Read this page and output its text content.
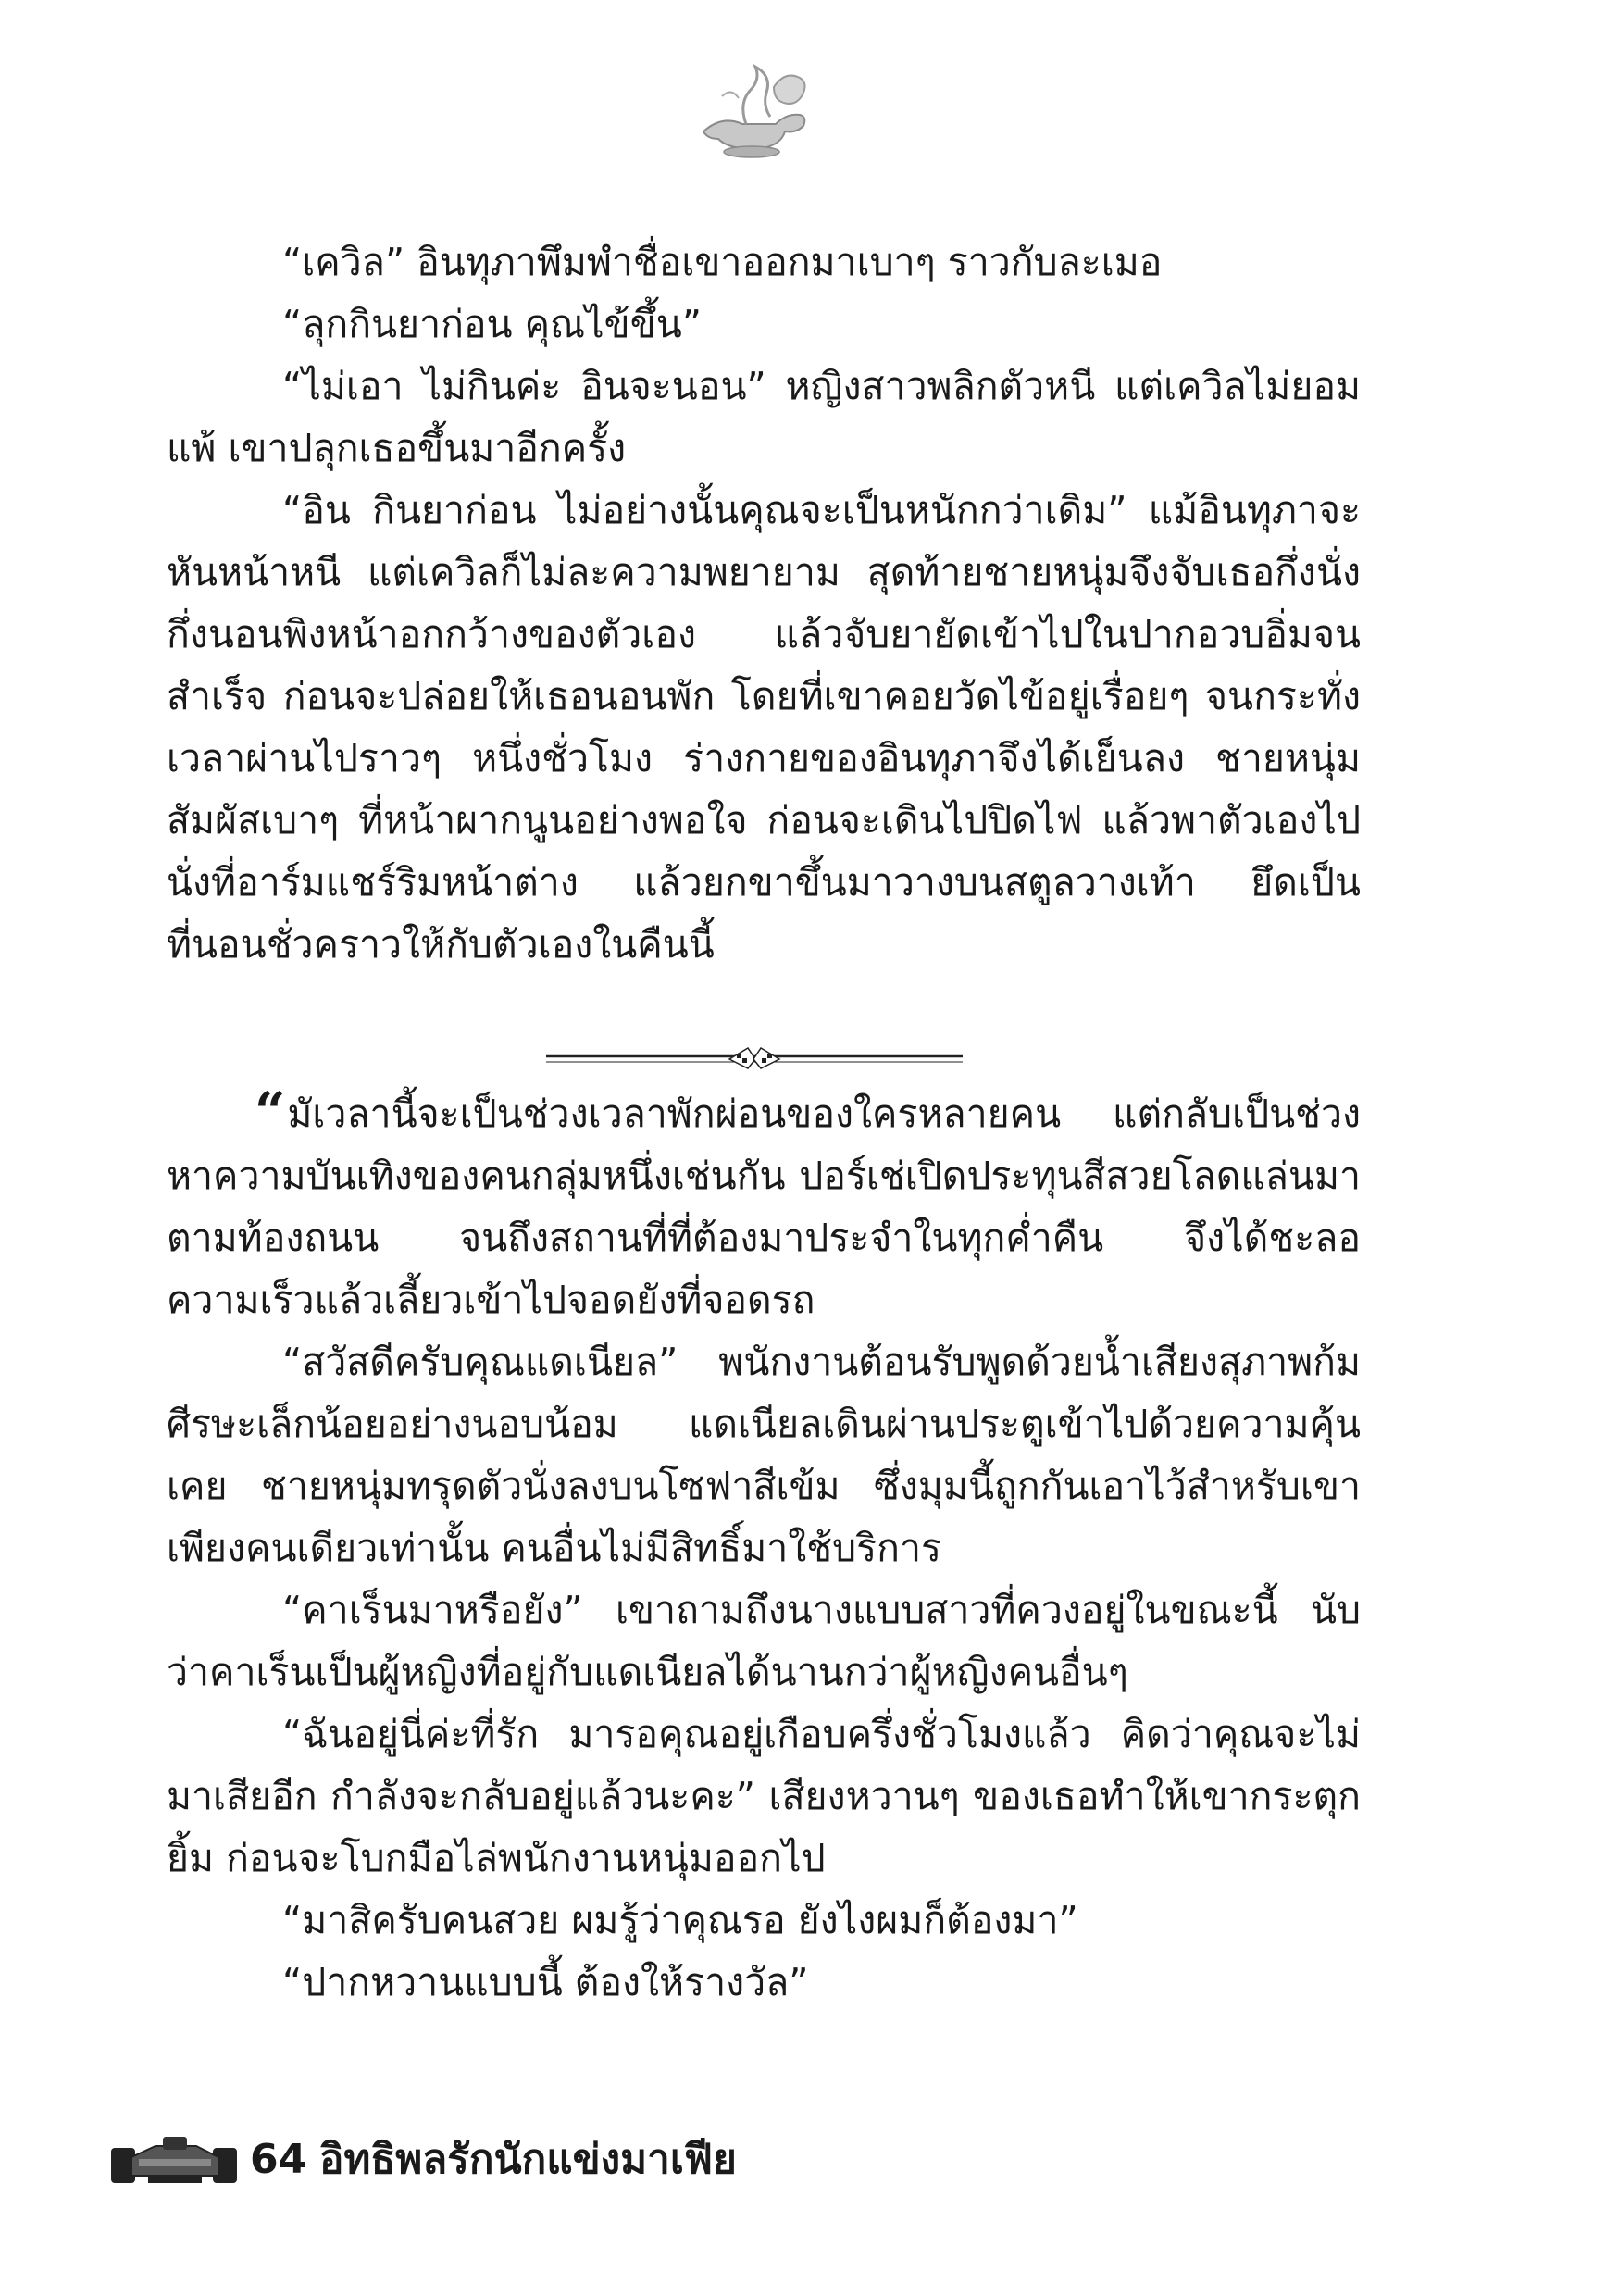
“เควิล” อินทุภาพึมพำชื่อเขาออกมาเบาๆ ราวกับละเมอ

“ลุกกินยาก่อน คุณไข้ขึ้น”

“ไม่เอา ไม่กินค่ะ อินจะนอน” หญิงสาวพลิกตัวหนี แต่เควิลไม่ยอมแพ้ เขาปลุกเธอขึ้นมาอีกครั้ง

“อิน กินยาก่อน ไม่อย่างนั้นคุณจะเป็นหนักกว่าเดิม” แม้อินทุภาจะหันหน้าหนี แต่เควิลก็ไม่ละความพยายาม สุดท้ายชายหนุ่มจึงจับเธอกึ่งนั่งกึ่งนอนพิงหน้าอกกว้างของตัวเอง แล้วจับยายัดเข้าไปในปากอวบอิ่มจนสำเร็จ ก่อนจะปล่อยให้เธอนอนพัก โดยที่เขาคอยวัดไข้อยู่เรื่อยๆ จนกระทั่งเวลาผ่านไปราวๆ หนึ่งชั่วโมง ร่างกายของอินทุภาจึงได้เย็นลง ชายหนุ่มสัมผัสเบาๆ ที่หน้าผากนูนอย่างพอใจ ก่อนจะเดินไปปิดไฟ แล้วพาตัวเองไปนั่งที่อาร์มแชร์ริมหน้าต่าง แล้วยกขาขึ้นมาวางบนสตูลวางเท้า ยึดเป็นที่นอนชั่วคราวให้กับตัวเองในคืนนี้

“มัเวลานี้จะเป็นช่วงเวลาพักผ่อนของใครหลายคน แต่กลับเป็นช่วงหาความบันเทิงของคนกลุ่มหนึ่งเช่นกัน ปอร์เช่เปิดประทุนสีสวยโลดแล่นมาตามท้องถนน จนถึงสถานที่ที่ต้องมาประจำในทุกค่ำคืน จึงได้ชะลอความเร็วแล้วเลี้ยวเข้าไปจอดยังที่จอดรถ

“สวัสดีครับคุณแดเนียล” พนักงานต้อนรับพูดด้วยน้ำเสียงสุภาพก้มศีรษะเล็กน้อยอย่างนอบน้อม แดเนียลเดินผ่านประตูเข้าไปด้วยความคุ้นเคย ชายหนุ่มทรุดตัวนั่งลงบนโซฟาสีเข้ม ซึ่งมุมนี้ถูกกันเอาไว้สำหรับเขาเพียงคนเดียวเท่านั้น คนอื่นไม่มีสิทธิ์มาใช้บริการ

“คาเร็นมาหรือยัง” เขาถามถึงนางแบบสาวที่ควงอยู่ในขณะนี้ นับว่าคาเร็นเป็นผู้หญิงที่อยู่กับแดเนียลได้นานกว่าผู้หญิงคนอื่นๆ

“ฉันอยู่นี่ค่ะที่รัก มารอคุณอยู่เกือบครึ่งชั่วโมงแล้ว คิดว่าคุณจะไม่มาเสียอีก กำลังจะกลับอยู่แล้วนะคะ” เสียงหวานๆ ของเธอทำให้เขากระตุกยิ้ม ก่อนจะโบกมือไล่พนักงานหนุ่มออกไป

“มาสิครับคนสวย ผมรู้ว่าคุณรอ ยังไงผมก็ต้องมา”

“ปากหวานแบบนี้ ต้องให้รางวัล”

64 อิทธิพลรักนักแข่งมาเฟีย
